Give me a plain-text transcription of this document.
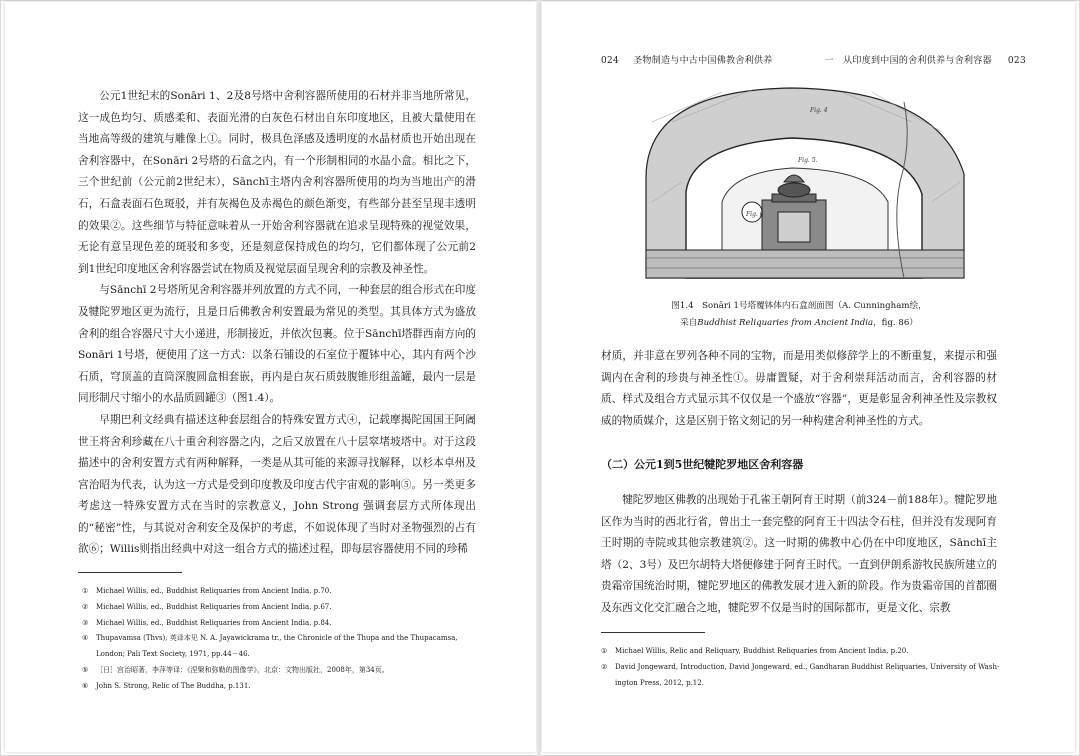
一　从印度到中国的舍利供养与舍利容器 023

公元1世纪末的Sonāri 1、2及8号塔中舍利容器所使用的石材并非当地所常见，这一成色均匀、质感柔和、表面光滑的白灰色石材出自东印度地区，且被大量使用在当地高等级的建筑与雕像上①。同时，极具色泽感及透明度的水晶材质也开始出现在舍利容器中，在Sonāri 2号塔的石盒之内，有一个形制相同的水晶小盒。相比之下，三个世纪前（公元前2世纪末），Sānchī主塔内舍利容器所使用的均为当地出产的滑石，石盒表面石色斑驳，并有灰褐色及赤褐色的颜色渐变，有些部分甚至呈现丰透明的效果②。这些细节与特征意味着从一开始舍利容器就在追求呈现特殊的视觉效果，无论有意呈现色差的斑驳和多变，还是刻意保持成色的均匀，它们都体现了公元前2到1世纪印度地区舍利容器尝试在物质及视觉层面呈现舍利的宗教及神圣性。

与Sānchī 2号塔所见舍利容器并列放置的方式不同，一种套层的组合形式在印度及犍陀罗地区更为流行，且是日后佛教舍利安置最为常见的类型。其具体方式为盛放舍利的组合容器尺寸大小递进，形制接近，并依次包裹。位于Sānchī塔群西南方向的Sonāri 1号塔，便使用了这一方式：以条石铺设的石室位于覆钵中心，其内有两个沙石质，穹顶盖的直筒深腹圆盒相套嵌，再内是白灰石质鼓腹锥形组盖罐，最内一层是同形制尺寸缩小的水晶质圆罐③（图1.4）。

早期巴利文经典有描述这种套层组合的特殊安置方式④，记载摩揭陀国国王阿阇世王将舍利珍藏在八十重舍利容器之内，之后又放置在八十层窣堵坡塔中。对于这段描述中的舍利安置方式有两种解释，一类是从其可能的来源寻找解释，以杉本卓州及宫治昭为代表，认为这一方式是受到印度教及印度古代宇宙观的影响⑤。另一类更多考虑这一特殊安置方式在当时的宗教意义，John Strong 强调套层方式所体现出的“秘密”性，与其说对舍利安全及保护的考虑，不如说体现了当时对圣物强烈的占有欲⑥；Willis则指出经典中对这一组合方式的描述过程，即每层容器使用不同的珍稀

① Michael Willis, ed., Buddhist Reliquaries from Ancient India, p.70.
② Michael Willis, ed., Buddhist Reliquaries from Ancient India, p.67.
③ Michael Willis, ed., Buddhist Reliquaries from Ancient India, p.84.
④ Thupavamsa (Thvs), 英译本见 N. A. Jayawickrama tr., the Chronicle of the Thupa and the Thupacamsa,
London; Pali Text Society, 1971, pp.44－46.
⑤ ［日］宫治昭著，李萍等译：《涅槃和弥勒的图像学》，北京：文物出版社，2008年，第34页。
⑥ John S. Strong, Relic of The Buddha, p.131.
024 圣物制造与中古中国佛教舍利供养
Fig. 4
Fig. 5.
Fig. 6
图1.4　Sonāri 1号塔覆钵体内石盒剖面图（A. Cunningham绘，
采自Buddhist Reliquaries from Ancient India，fig. 86）

材质，并非意在罗列各种不同的宝物，而是用类似修辞学上的不断重复，来提示和强调内在舍利的珍贵与神圣性①。毋庸置疑，对于舍利崇拜活动而言，舍利容器的材质、样式及组合方式显示其不仅仅是一个盛放“容器”，更是彰显舍利神圣性及宗教权威的物质媒介，这是区别于铭文刻记的另一种构建舍利神圣性的方式。

（二）公元1到5世纪犍陀罗地区舍利容器

犍陀罗地区佛教的出现始于孔雀王朝阿育王时期（前324－前188年）。犍陀罗地区作为当时的西北行省，曾出土一套完整的阿育王十四法令石柱，但并没有发现阿育王时期的寺院或其他宗教建筑②。这一时期的佛教中心仍在中印度地区，Sānchī主塔（2、3号）及巴尔胡特大塔便修建于阿育王时代。一直到伊朗系游牧民族所建立的贵霜帝国统治时期，犍陀罗地区的佛教发展才进入新的阶段。作为贵霜帝国的首都圈及东西文化交汇融合之地，犍陀罗不仅是当时的国际都市，更是文化、宗教

① Michael Willis, Relic and Reliquary, Buddhist Reliquaries from Ancient India, p.20.
② David Jongeward, Introduction, David Jongeward, ed., Gandharan Buddhist Reliquaries, University of Wash-
ington Press, 2012, p.12.
